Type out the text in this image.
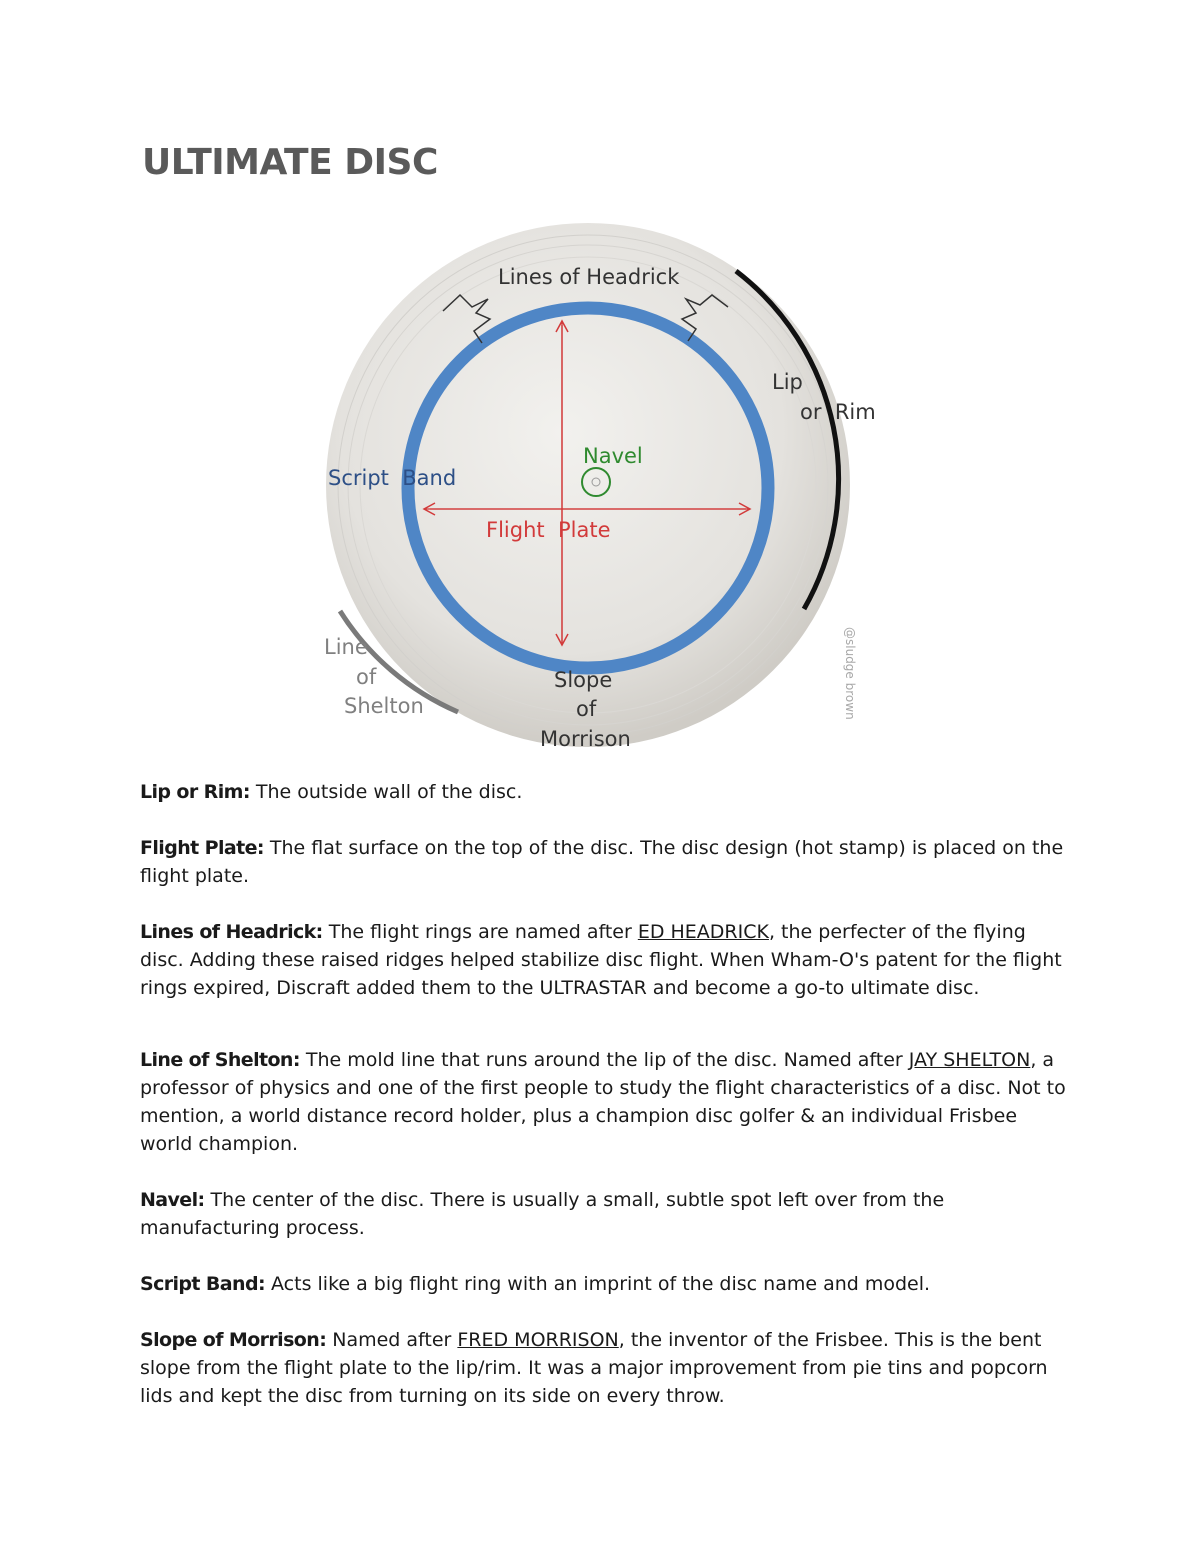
ULTIMATE DISC
Lines of Headrick
Lip
or  Rim
Navel
Script  Band
Flight  Plate
Line
of
Shelton
Slope
of
Morrison
@sludge brown

Lip or Rim: The outside wall of the disc.

Flight Plate: The flat surface on the top of the disc. The disc design (hot stamp) is placed on the flight plate.

Lines of Headrick: The flight rings are named after ED HEADRICK, the perfecter of the flying disc. Adding these raised ridges helped stabilize disc flight. When Wham-O's patent for the flight rings expired, Discraft added them to the ULTRASTAR and become a go-to ultimate disc.

Line of Shelton: The mold line that runs around the lip of the disc. Named after JAY SHELTON, a professor of physics and one of the first people to study the flight characteristics of a disc. Not to mention, a world distance record holder, plus a champion disc golfer & an individual Frisbee world champion.

Navel: The center of the disc. There is usually a small, subtle spot left over from the manufacturing process.

Script Band: Acts like a big flight ring with an imprint of the disc name and model.

Slope of Morrison: Named after FRED MORRISON, the inventor of the Frisbee. This is the bent slope from the flight plate to the lip/rim. It was a major improvement from pie tins and popcorn lids and kept the disc from turning on its side on every throw.
